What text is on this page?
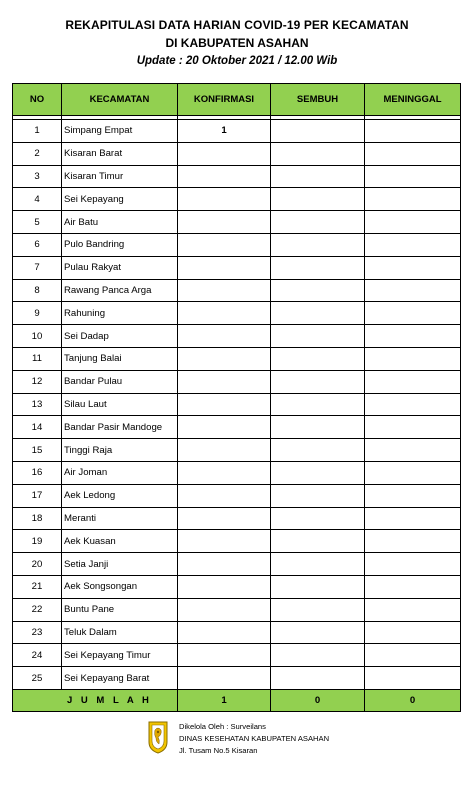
REKAPITULASI DATA HARIAN COVID-19 PER KECAMATAN
DI KABUPATEN ASAHAN
Update : 20 Oktober 2021 / 12.00 Wib
NO	KECAMATAN	KONFIRMASI	SEMBUH	MENINGGAL

1	Simpang Empat	1		
2	Kisaran Barat			
3	Kisaran Timur			
4	Sei Kepayang			
5	Air Batu			
6	Pulo Bandring			
7	Pulau Rakyat			
8	Rawang Panca Arga			
9	Rahuning			
10	Sei Dadap			
11	Tanjung Balai			
12	Bandar Pulau			
13	Silau Laut			
14	Bandar Pasir Mandoge			
15	Tinggi Raja			
16	Air Joman			
17	Aek Ledong			
18	Meranti			
19	Aek Kuasan			
20	Setia Janji			
21	Aek Songsongan			
22	Buntu Pane			
23	Teluk Dalam			
24	Sei Kepayang Timur			
25	Sei Kepayang Barat			
J U M L A H		1	0	0
Dikelola Oleh : Surveilans
DINAS KESEHATAN KABUPATEN ASAHAN
Jl. Tusam No.5 Kisaran
